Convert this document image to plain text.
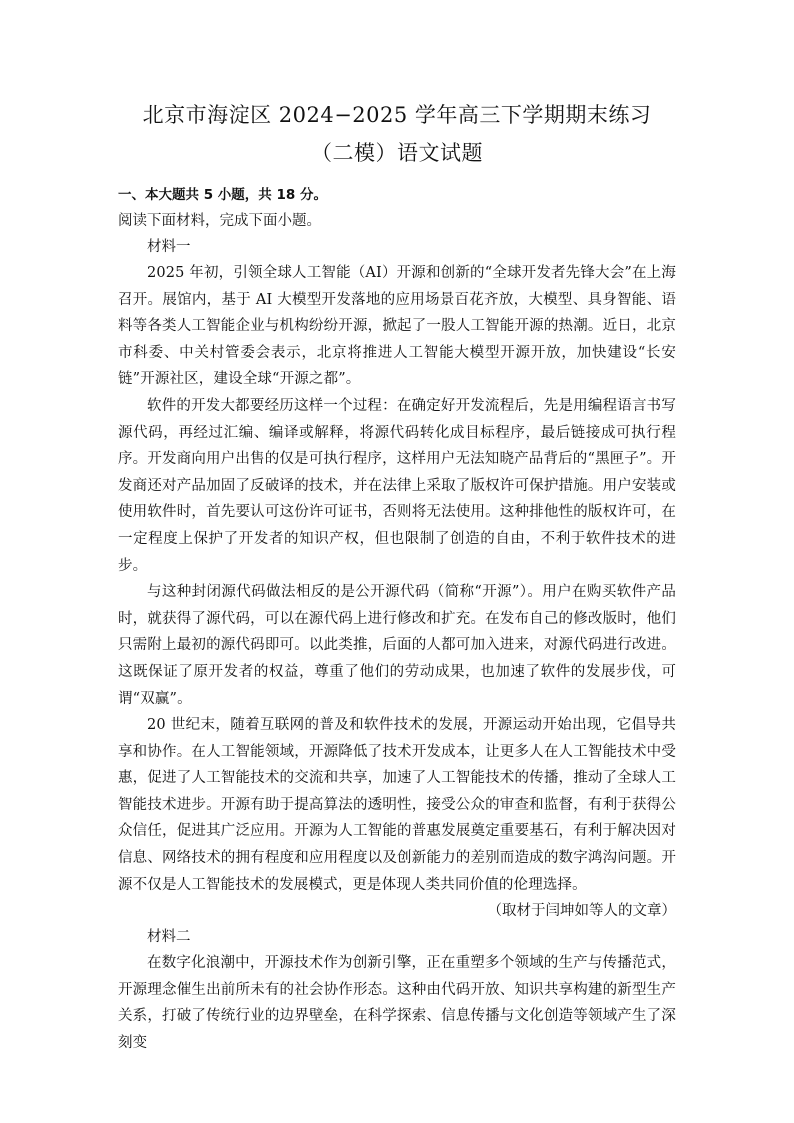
北京市海淀区 2024−2025 学年高三下学期期末练习
（二模）语文试题

一、本大题共 5 小题，共 18 分。

阅读下面材料，完成下面小题。

材料一

2025 年初，引领全球人工智能（AI）开源和创新的“全球开发者先锋大会”在上海召开。展馆内，基于 AI 大模型开发落地的应用场景百花齐放，大模型、具身智能、语料等各类人工智能企业与机构纷纷开源，掀起了一股人工智能开源的热潮。近日，北京市科委、中关村管委会表示，北京将推进人工智能大模型开源开放，加快建设“长安链”开源社区，建设全球“开源之都”。

软件的开发大都要经历这样一个过程：在确定好开发流程后，先是用编程语言书写源代码，再经过汇编、编译或解释，将源代码转化成目标程序，最后链接成可执行程序。开发商向用户出售的仅是可执行程序，这样用户无法知晓产品背后的“黑匣子”。开发商还对产品加固了反破译的技术，并在法律上采取了版权许可保护措施。用户安装或使用软件时，首先要认可这份许可证书，否则将无法使用。这种排他性的版权许可，在一定程度上保护了开发者的知识产权，但也限制了创造的自由，不利于软件技术的进步。

与这种封闭源代码做法相反的是公开源代码（简称“开源”）。用户在购买软件产品时，就获得了源代码，可以在源代码上进行修改和扩充。在发布自己的修改版时，他们只需附上最初的源代码即可。以此类推，后面的人都可加入进来，对源代码进行改进。这既保证了原开发者的权益，尊重了他们的劳动成果，也加速了软件的发展步伐，可谓“双赢”。

20 世纪末，随着互联网的普及和软件技术的发展，开源运动开始出现，它倡导共享和协作。在人工智能领域，开源降低了技术开发成本，让更多人在人工智能技术中受惠，促进了人工智能技术的交流和共享，加速了人工智能技术的传播，推动了全球人工智能技术进步。开源有助于提高算法的透明性，接受公众的审查和监督，有利于获得公众信任，促进其广泛应用。开源为人工智能的普惠发展奠定重要基石，有利于解决因对信息、网络技术的拥有程度和应用程度以及创新能力的差别而造成的数字鸿沟问题。开源不仅是人工智能技术的发展模式，更是体现人类共同价值的伦理选择。

（取材于闫坤如等人的文章）

材料二

在数字化浪潮中，开源技术作为创新引擎，正在重塑多个领域的生产与传播范式，开源理念催生出前所未有的社会协作形态。这种由代码开放、知识共享构建的新型生产关系，打破了传统行业的边界壁垒，在科学探索、信息传播与文化创造等领域产生了深刻变
